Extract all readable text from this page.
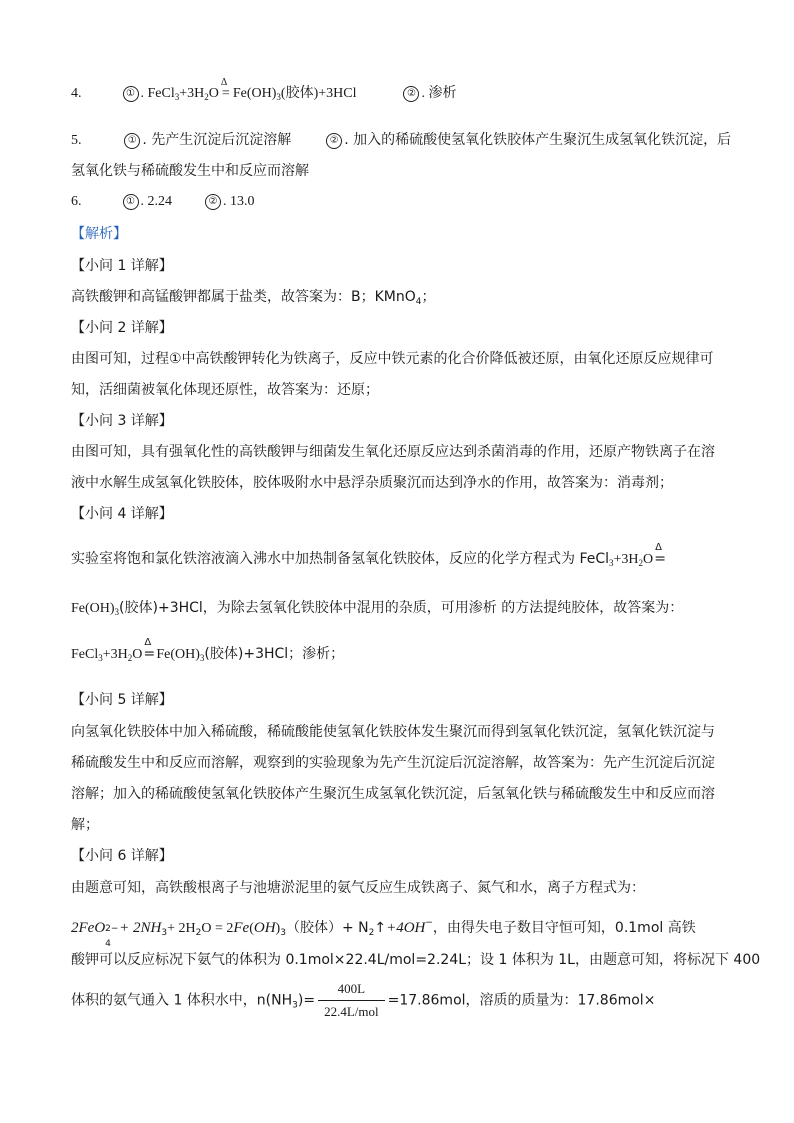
4.	① . $FeCl_3+3H_2O$
Δ
= $Fe(OH)_3$(胶体)+3HCl	② . 渗析
5.	① . 先产生沉淀后沉淀溶解	② . 加入的稀硫酸使氢氧化铁胶体产生聚沉生成氢氧化铁沉淀，后
氢氧化铁与稀硫酸发生中和反应而溶解
6.	① . 2.24	② . 13.0
【解析】
【小问 1 详解】
高铁酸钾和高锰酸钾都属于盐类，故答案为：B；KMnO$_4$；
【小问 2 详解】
由图可知，过程①中高铁酸钾转化为铁离子，反应中铁元素的化合价降低被还原，由氧化还原反应规律可
知，活细菌被氧化体现还原性，故答案为：还原；
【小问 3 详解】
由图可知，具有强氧化性的高铁酸钾与细菌发生氧化还原反应达到杀菌消毒的作用，还原产物铁离子在溶
液中水解生成氢氧化铁胶体，胶体吸附水中悬浮杂质聚沉而达到净水的作用，故答案为：消毒剂；
【小问 4 详解】
实验室将饱和氯化铁溶液滴入沸水中加热制备氢氧化铁胶体，反应的化学方程式为 $FeCl_3+3H_2O$
Δ
=
$Fe(OH)_3$(胶体)+3HCl，为除去氢氧化铁胶体中混用的杂质，可用渗析 的方法提纯胶体，故答案为：
$FeCl_3+3H_2O$
Δ
$=Fe(OH)_3$(胶体)+3HCl；渗析；
【小问 5 详解】
向氢氧化铁胶体中加入稀硫酸，稀硫酸能使氢氧化铁胶体发生聚沉而得到氢氧化铁沉淀，氢氧化铁沉淀与
稀硫酸发生中和反应而溶解，观察到的实验现象为先产生沉淀后沉淀溶解，故答案为：先产生沉淀后沉淀
溶解；加入的稀硫酸使氢氧化铁胶体产生聚沉生成氢氧化铁沉淀，后氢氧化铁与稀硫酸发生中和反应而溶
解；
【小问 6 详解】
由题意可知，高铁酸根离子与池塘淤泥里的氨气反应生成铁离子、氮气和水，离子方程式为：
2FeO 2−
4
+ $2NH_3+ 2H_2O = 2Fe(OH)_3$（胶体）+ $N_2↑+4OH^-$，由得失电子数目守恒可知，0.1mol 高铁
酸钾可以反应标况下氨气的体积为 0.1mol×22.4L/mol=2.24L；设 1 体积为 1L，由题意可知，将标况下 400
体积的氨气通入 1 体积水中，$n(NH_3)= \frac{400L}{\text{22.4L/mol}} =17.86mol$，溶质的质量为：17.86mol×
